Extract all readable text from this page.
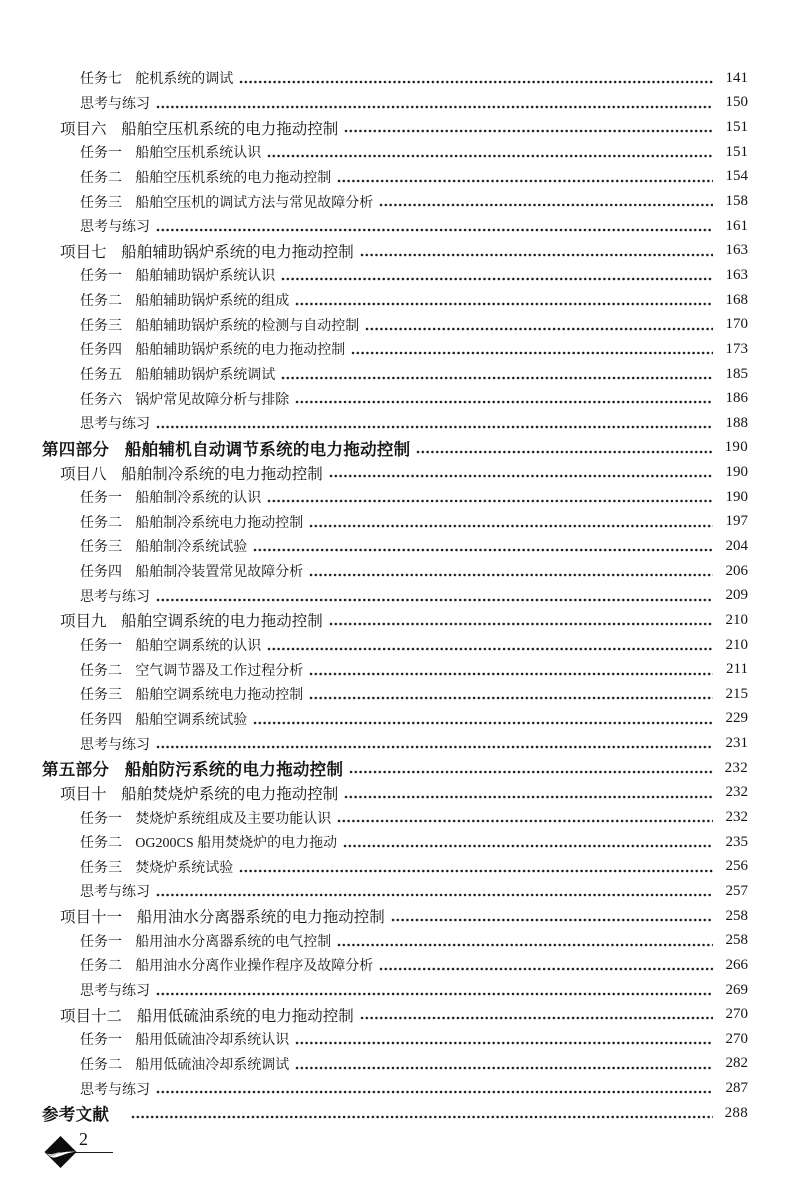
任务七 舵机系统的调试	141
思考与练习	150
项目六 船舶空压机系统的电力拖动控制	151
任务一 船舶空压机系统认识	151
任务二 船舶空压机系统的电力拖动控制	154
任务三 船舶空压机的调试方法与常见故障分析	158
思考与练习	161
项目七 船舶辅助锅炉系统的电力拖动控制	163
任务一 船舶辅助锅炉系统认识	163
任务二 船舶辅助锅炉系统的组成	168
任务三 船舶辅助锅炉系统的检测与自动控制	170
任务四 船舶辅助锅炉系统的电力拖动控制	173
任务五 船舶辅助锅炉系统调试	185
任务六 锅炉常见故障分析与排除	186
思考与练习	188
第四部分 船舶辅机自动调节系统的电力拖动控制	190
项目八 船舶制冷系统的电力拖动控制	190
任务一 船舶制冷系统的认识	190
任务二 船舶制冷系统电力拖动控制	197
任务三 船舶制冷系统试验	204
任务四 船舶制冷装置常见故障分析	206
思考与练习	209
项目九 船舶空调系统的电力拖动控制	210
任务一 船舶空调系统的认识	210
任务二 空气调节器及工作过程分析	211
任务三 船舶空调系统电力拖动控制	215
任务四 船舶空调系统试验	229
思考与练习	231
第五部分 船舶防污系统的电力拖动控制	232
项目十 船舶焚烧炉系统的电力拖动控制	232
任务一 焚烧炉系统组成及主要功能认识	232
任务二 OG200CS 船用焚烧炉的电力拖动	235
任务三 焚烧炉系统试验	256
思考与练习	257
项目十一 船用油水分离器系统的电力拖动控制	258
任务一 船用油水分离器系统的电气控制	258
任务二 船用油水分离作业操作程序及故障分析	266
思考与练习	269
项目十二 船用低硫油系统的电力拖动控制	270
任务一 船用低硫油冷却系统认识	270
任务二 船用低硫油冷却系统调试	282
思考与练习	287
参考文献	288
2
